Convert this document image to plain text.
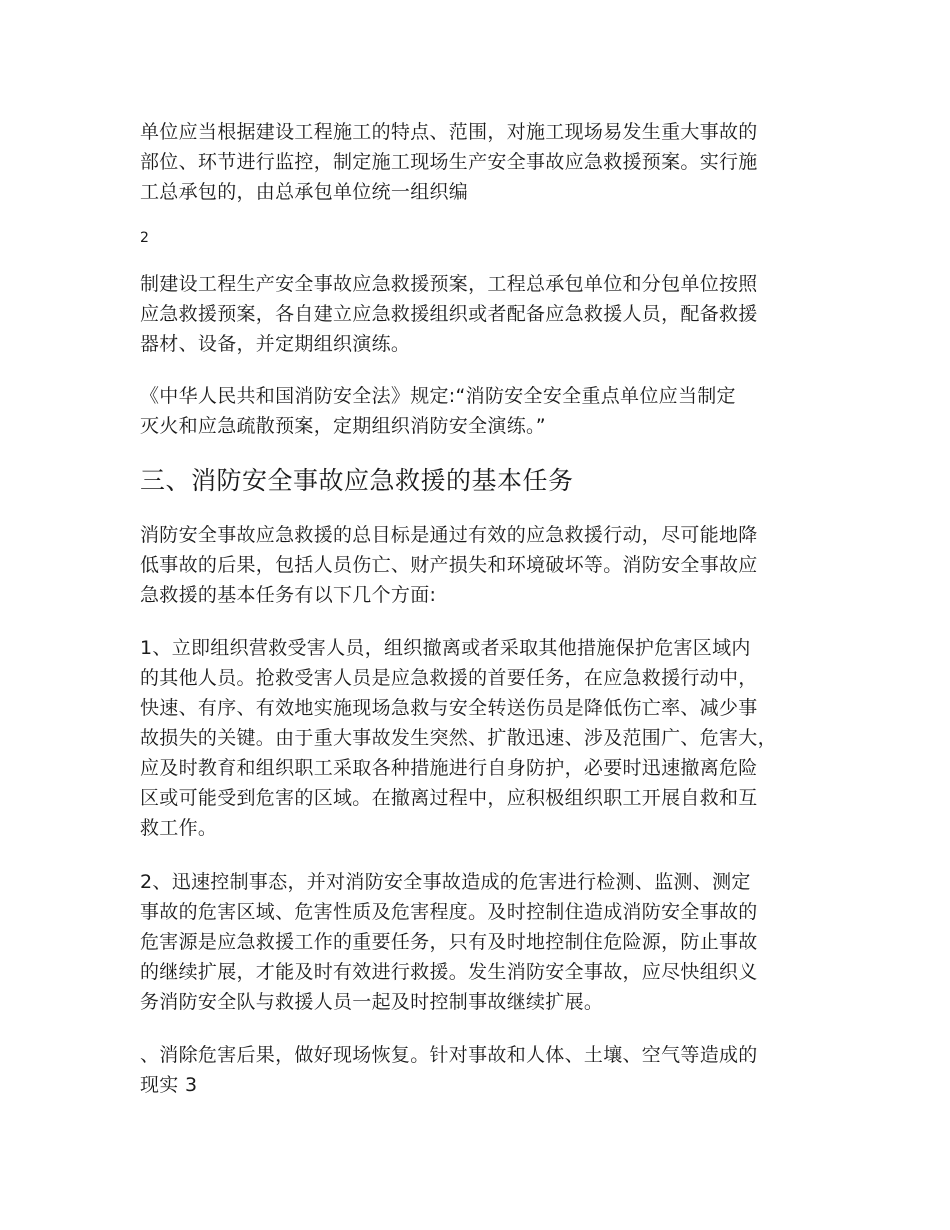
单位应当根据建设工程施工的特点、范围，对施工现场易发生重大事故的
部位、环节进行监控，制定施工现场生产安全事故应急救援预案。实行施
工总承包的，由总承包单位统一组织编
2
制建设工程生产安全事故应急救援预案，工程总承包单位和分包单位按照
应急救援预案，各自建立应急救援组织或者配备应急救援人员，配备救援
器材、设备，并定期组织演练。
《中华人民共和国消防安全法》规定:“消防安全安全重点单位应当制定
灭火和应急疏散预案，定期组织消防安全演练。”
三、消防安全事故应急救援的基本任务
消防安全事故应急救援的总目标是通过有效的应急救援行动，尽可能地降
低事故的后果，包括人员伤亡、财产损失和环境破坏等。消防安全事故应
急救援的基本任务有以下几个方面:
1、立即组织营救受害人员，组织撤离或者采取其他措施保护危害区域内
的其他人员。抢救受害人员是应急救援的首要任务，在应急救援行动中，
快速、有序、有效地实施现场急救与安全转送伤员是降低伤亡率、减少事
故损失的关键。由于重大事故发生突然、扩散迅速、涉及范围广、危害大，
应及时教育和组织职工采取各种措施进行自身防护，必要时迅速撤离危险
区或可能受到危害的区域。在撤离过程中，应积极组织职工开展自救和互
救工作。
2、迅速控制事态，并对消防安全事故造成的危害进行检测、监测、测定
事故的危害区域、危害性质及危害程度。及时控制住造成消防安全事故的
危害源是应急救援工作的重要任务，只有及时地控制住危险源，防止事故
的继续扩展，才能及时有效进行救援。发生消防安全事故，应尽快组织义
务消防安全队与救援人员一起及时控制事故继续扩展。
、消除危害后果，做好现场恢复。针对事故和人体、土壤、空气等造成的
现实 3
